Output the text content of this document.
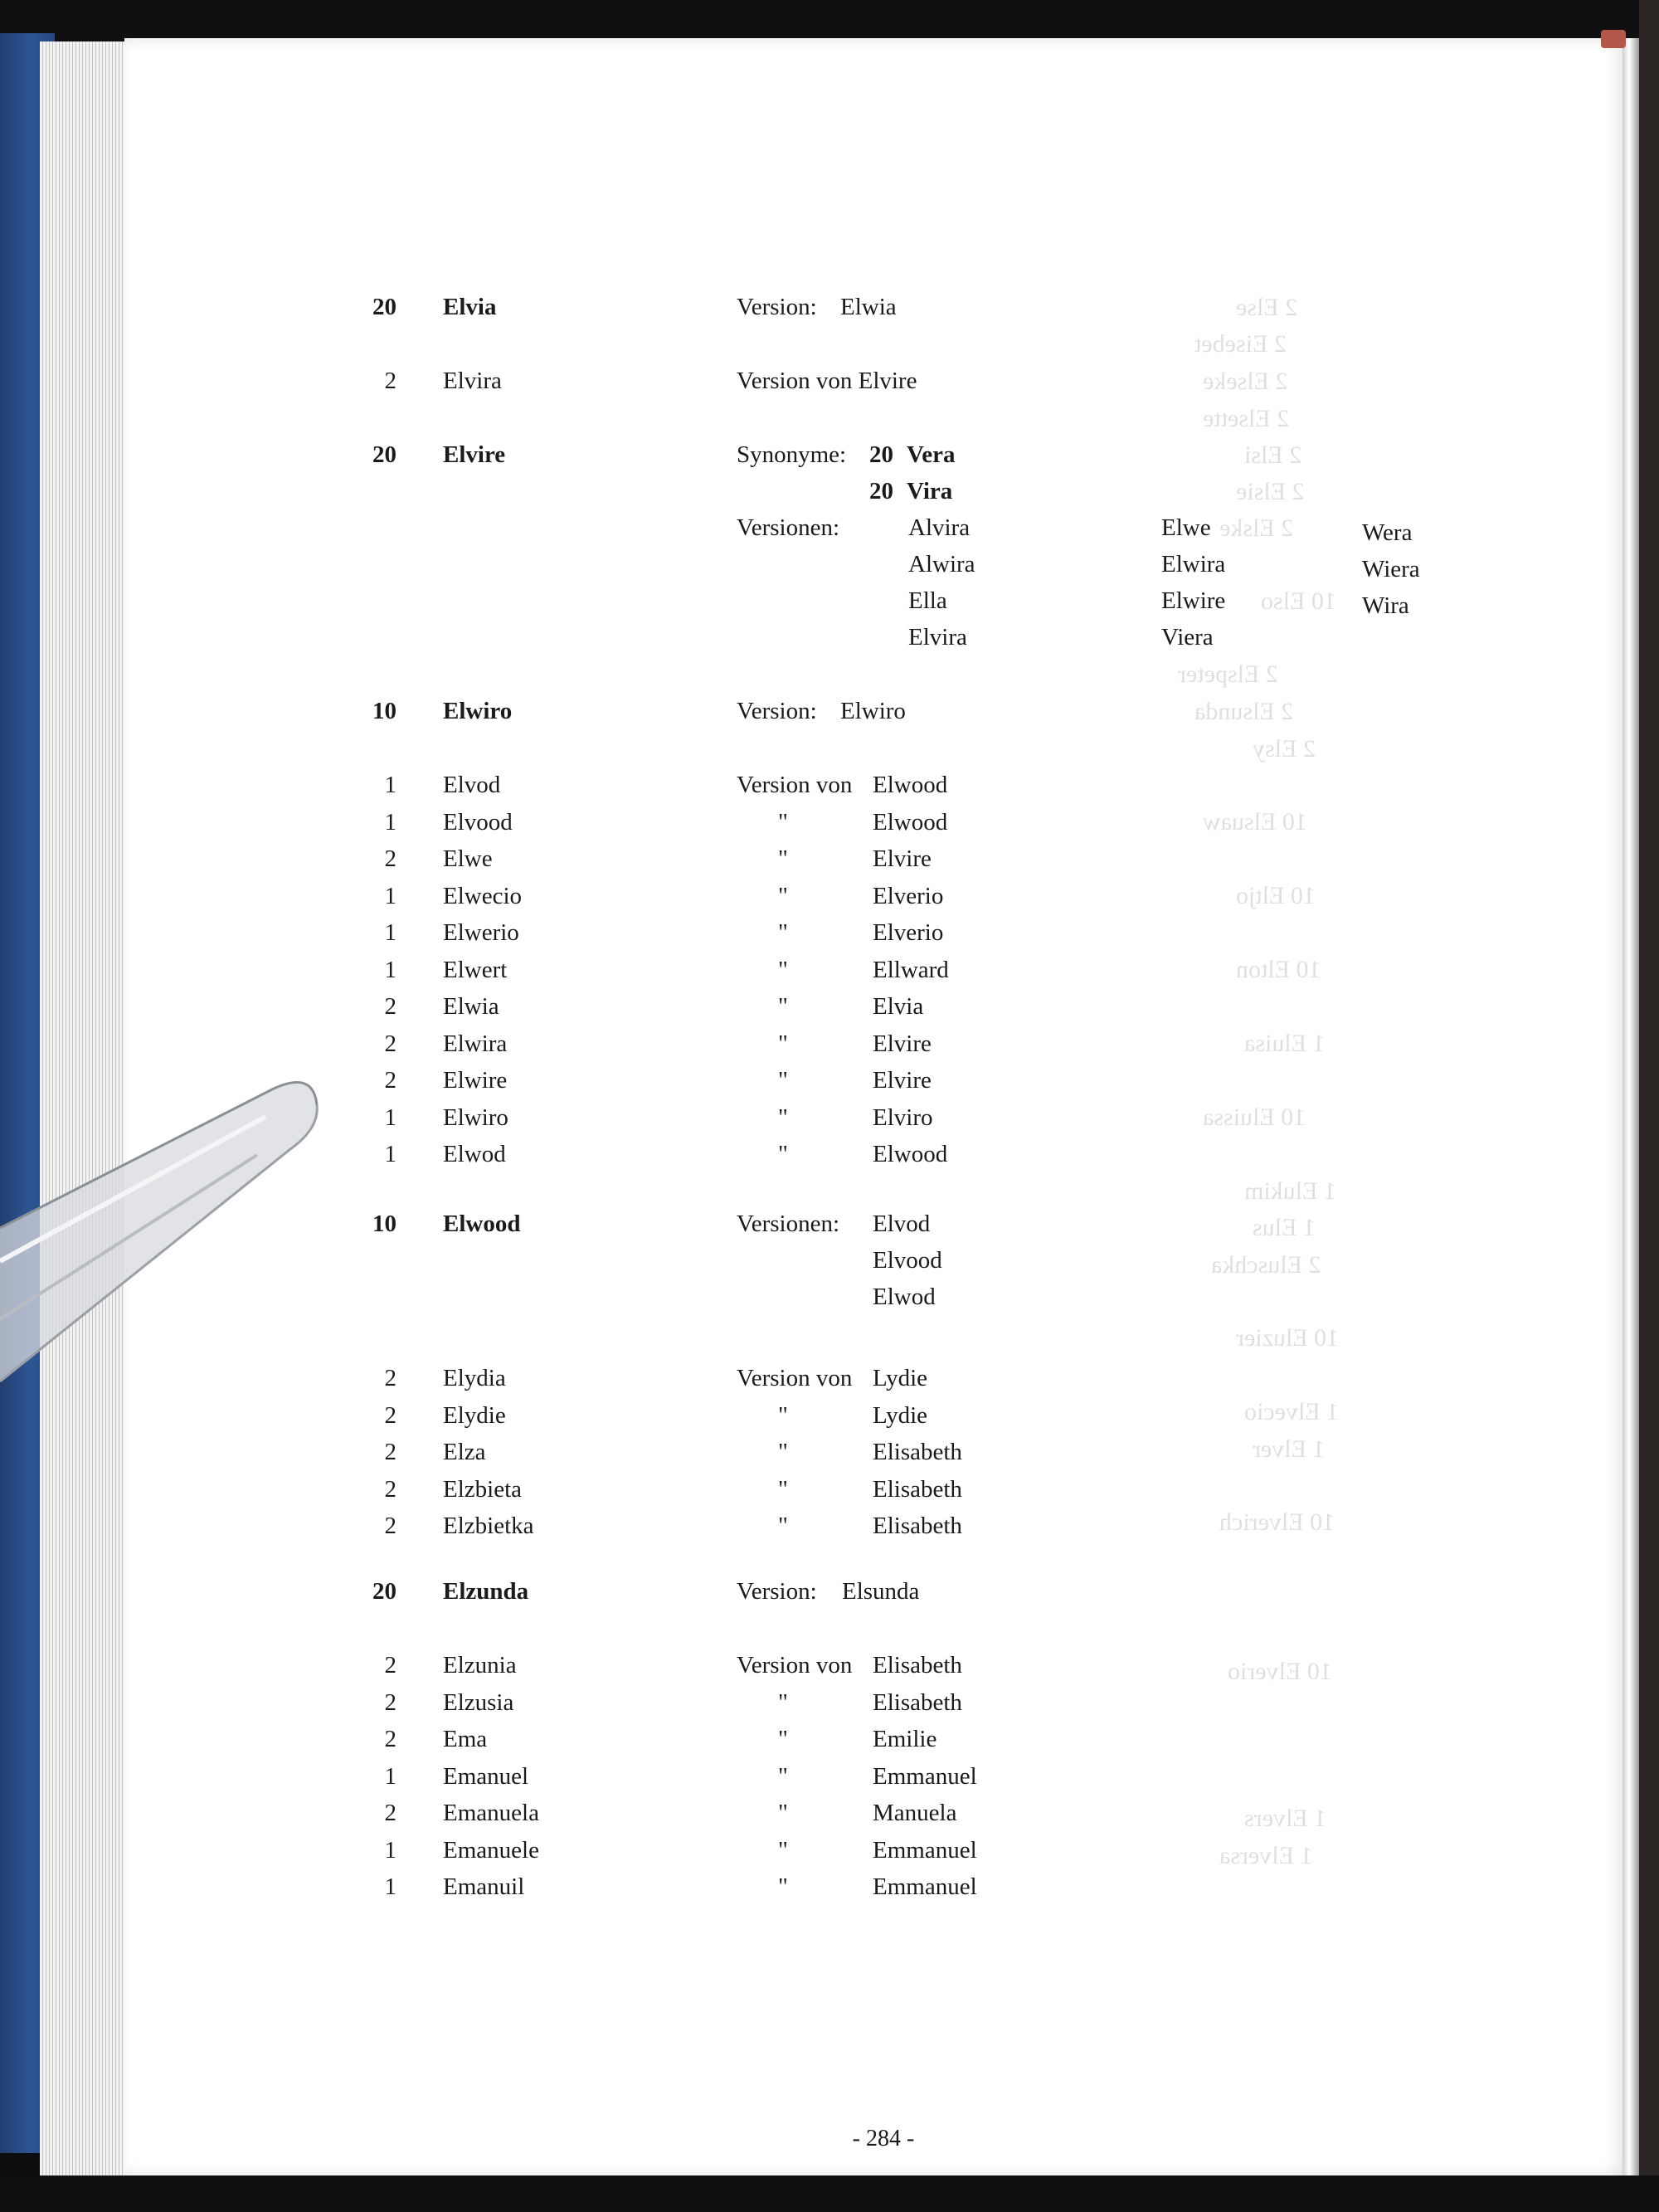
2 Else
2 Eisebet
2 Elseke
2 Elsette
2 Elsi
2 Elsie
2 Elske
10 Elso
2 Elspeter
2 Elsunda
2 Elsy
10 Elsuaw
10 Eltjo
10 Elton
1 Eluisa
10 Eluissa
1 Elukim
1 Elus
2 Eluschka
10 Eluzier
1 Elvecio
1 Elver
10 Elverich
10 Elverio
1 Elvers
1 Elversa
20 Elvia	Version: Elwia
2 Elvira	Version von Elvire
20 Elvire	Synonyme: 20 Vera
20 Vira
Versionen:	Alvira	Elwe	Wera
Alwira	Elwira	Wiera
Ella	Elwire	Wira
Elvira	Viera
10 Elwiro	Version: Elwiro
1 Elvod	Version von Elwood
1 Elvood	"	Elwood
2 Elwe	"	Elvire
1 Elwecio	"	Elverio
1 Elwerio	"	Elverio
1 Elwert	"	Ellward
2 Elwia	"	Elvia
2 Elwira	"	Elvire
2 Elwire	"	Elvire
1 Elwiro	"	Elviro
1 Elwod	"	Elwood
10 Elwood	Versionen: Elvod
Elvood
Elwod
2 Elydia	Version von Lydie
2 Elydie	"	Lydie
2 Elza	"	Elisabeth
2 Elzbieta	"	Elisabeth
2 Elzbietka	"	Elisabeth
20 Elzunda	Version: Elsunda
2 Elzunia	Version von Elisabeth
2 Elzusia	"	Elisabeth
2 Ema	"	Emilie
1 Emanuel	"	Emmanuel
2 Emanuela	"	Manuela
1 Emanuele	"	Emmanuel
1 Emanuil	"	Emmanuel
- 284 -
